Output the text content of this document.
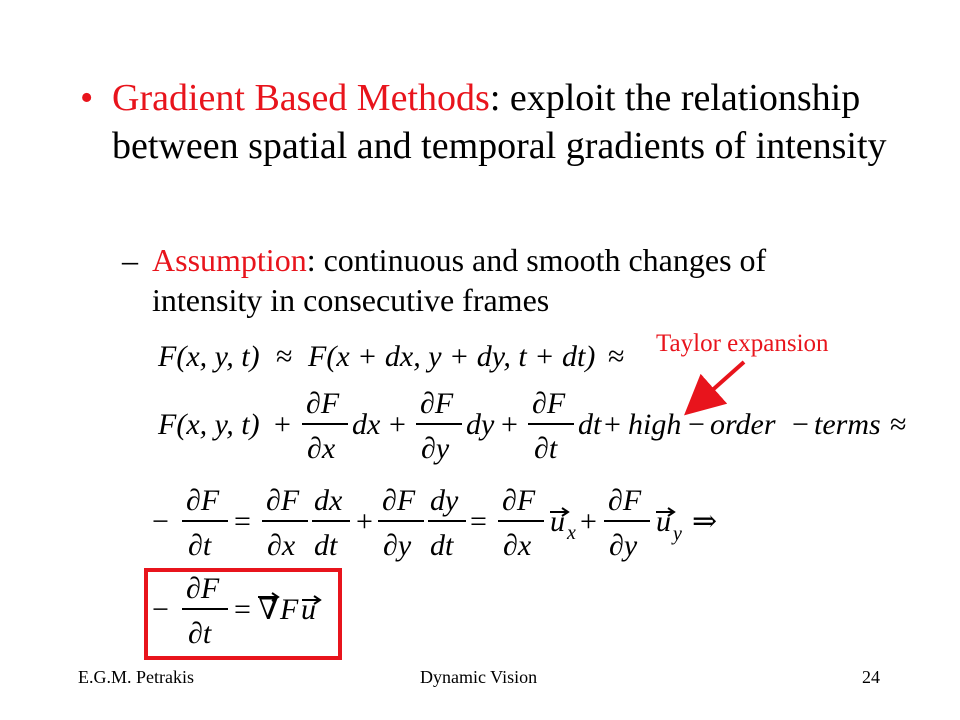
• Gradient Based Methods: exploit the relationship between spatial and temporal gradients of intensity
– Assumption: continuous and smooth changes of intensity in consecutive frames
Taylor expansion
F(x, y, t) ≈ F(x + dx, y + dy, t + dt) ≈
F(x, y, t) +
∂F
∂x
dx +
∂F
∂y
dy +
∂F
∂t
dt + high − order − terms ≈
−
∂F
∂t
=
∂F
∂x
dx
dt
+
∂F
∂y
dy
dt
=
∂F
∂x
u x +
∂F
∂y
u y ⇒
−
∂F
∂t
= ∇ F u
E.G.M. Petrakis	Dynamic Vision	24
